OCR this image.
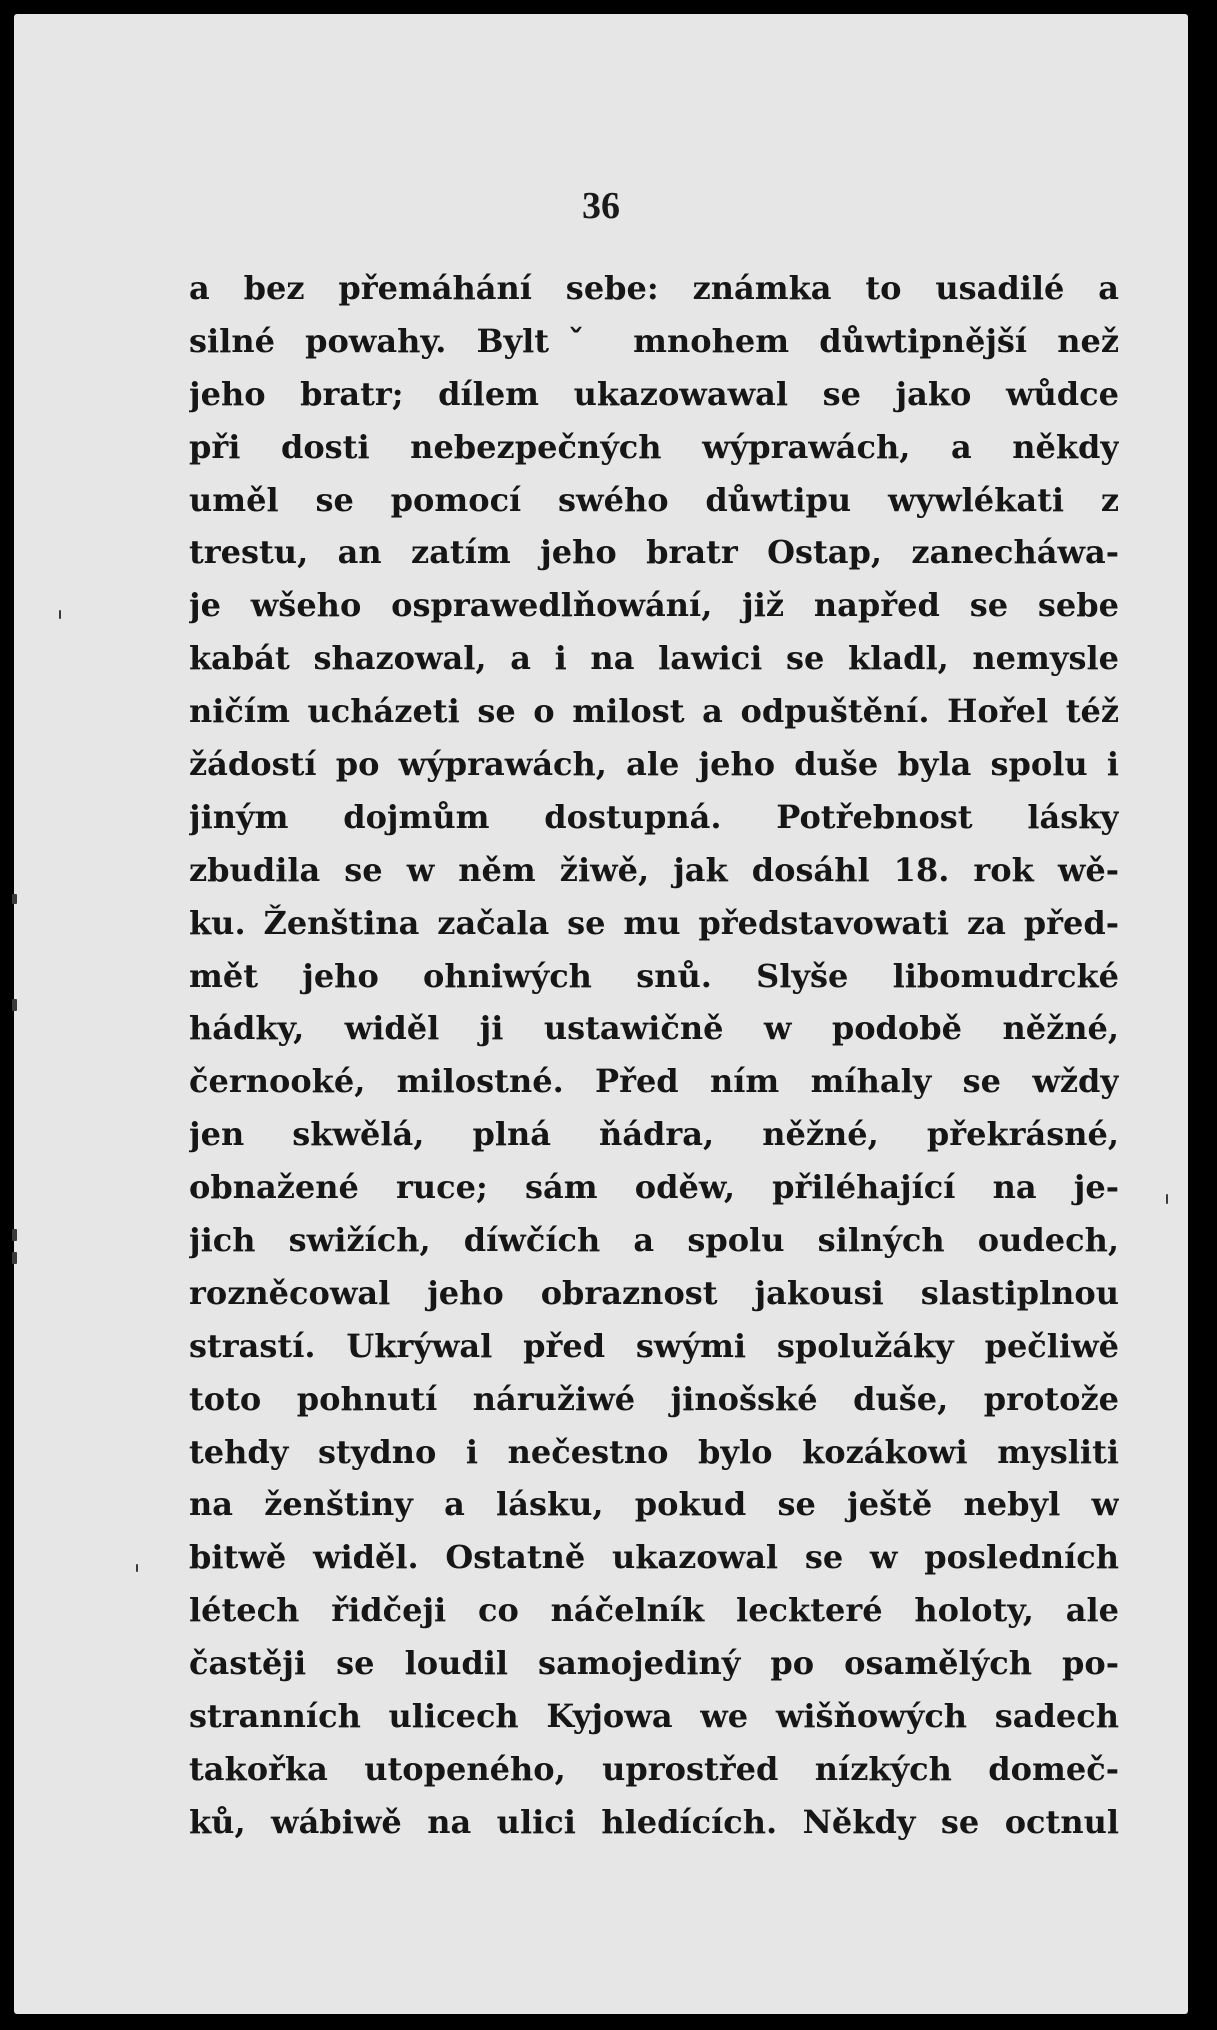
36
a bez přemáhání sebe: známka to usadilé a
silné powahy. Byltˇ mnohem důwtipnější než
jeho bratr; dílem ukazowawal se jako wůdce
při dosti nebezpečných wýprawách, a někdy
uměl se pomocí swého důwtipu wywlékati z
trestu, an zatím jeho bratr Ostap, zanecháwa-
je wšeho osprawedlňowání, již napřed se sebe
kabát shazowal, a i na lawici se kladl, nemysle
ničím ucházeti se o milost a odpuštění. Hořel též
žádostí po wýprawách, ale jeho duše byla spolu i
jiným dojmům dostupná. Potřebnost lásky
zbudila se w něm žiwě, jak dosáhl 18. rok wě-
ku. Ženština začala se mu představowati za před-
mět jeho ohniwých snů. Slyše libomudrcké
hádky, widěl ji ustawičně w podobě něžné,
černooké, milostné. Před ním míhaly se wždy
jen skwělá, plná ňádra, něžné, překrásné,
obnažené ruce; sám oděw, přiléhající na je-
jich swižích, díwčích a spolu silných oudech,
rozněcowal jeho obraznost jakousi slastiplnou
strastí. Ukrýwal před swými spolužáky pečliwě
toto pohnutí náružiwé jinošské duše, protože
tehdy stydno i nečestno bylo kozákowi mysliti
na ženštiny a lásku, pokud se ještě nebyl w
bitwě widěl. Ostatně ukazowal se w posledních
létech řidčeji co náčelník leckteré holoty, ale
častěji se loudil samojediný po osamělých po-
stranních ulicech Kyjowa we wišňowých sadech
takořka utopeného, uprostřed nízkých domeč-
ků, wábiwě na ulici hledících. Někdy se octnul
